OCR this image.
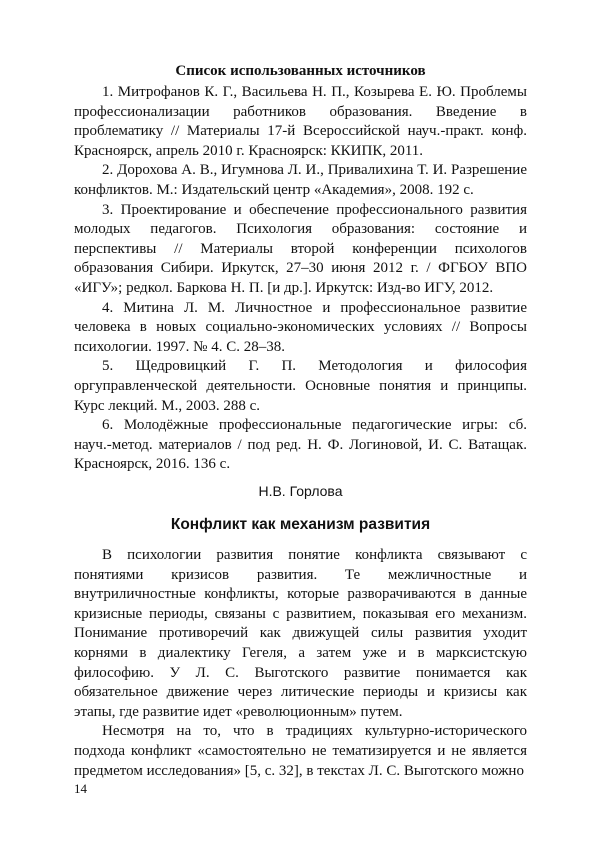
Список использованных источников

1. Митрофанов К. Г., Васильева Н. П., Козырева Е. Ю. Проблемы профессионализации работников образования. Введение в проблематику // Материалы 17-й Всероссийской науч.-практ. конф. Красноярск, апрель 2010 г. Красноярск: ККИПК, 2011.

2. Дорохова А. В., Игумнова Л. И., Привалихина Т. И. Разрешение конфликтов. М.: Издательский центр «Академия», 2008. 192 с.

3. Проектирование и обеспечение профессионального развития молодых педагогов. Психология образования: состояние и перспективы // Материалы второй конференции психологов образования Сибири. Иркутск, 27–30 июня 2012 г. / ФГБОУ ВПО «ИГУ»; редкол. Баркова Н. П. [и др.]. Иркутск: Изд-во ИГУ, 2012.

4. Митина Л. М. Личностное и профессиональное развитие человека в новых социально-экономических условиях // Вопросы психологии. 1997. № 4. С. 28–38.

5. Щедровицкий Г. П. Методология и философия оргуправленческой деятельности. Основные понятия и принципы. Курс лекций. М., 2003. 288 с.

6. Молодёжные профессиональные педагогические игры: сб. науч.-метод. материалов / под ред. Н. Ф. Логиновой, И. С. Ватащак. Красноярск, 2016. 136 с.

Н.В. Горлова
Конфликт как механизм развития

В психологии развития понятие конфликта связывают с понятиями кризисов развития. Те межличностные и внутриличностные конфликты, которые разворачиваются в данные кризисные периоды, связаны с развитием, показывая его механизм. Понимание противоречий как движущей силы развития уходит корнями в диалектику Гегеля, а затем уже и в марксистскую философию. У Л. С. Выготского развитие понимается как обязательное движение через литические периоды и кризисы как этапы, где развитие идет «революционным» путем.

Несмотря на то, что в традициях культурно-исторического подхода конфликт «самостоятельно не тематизируется и не является предметом исследования» [5, с. 32], в текстах Л. С. Выготского можно

14
